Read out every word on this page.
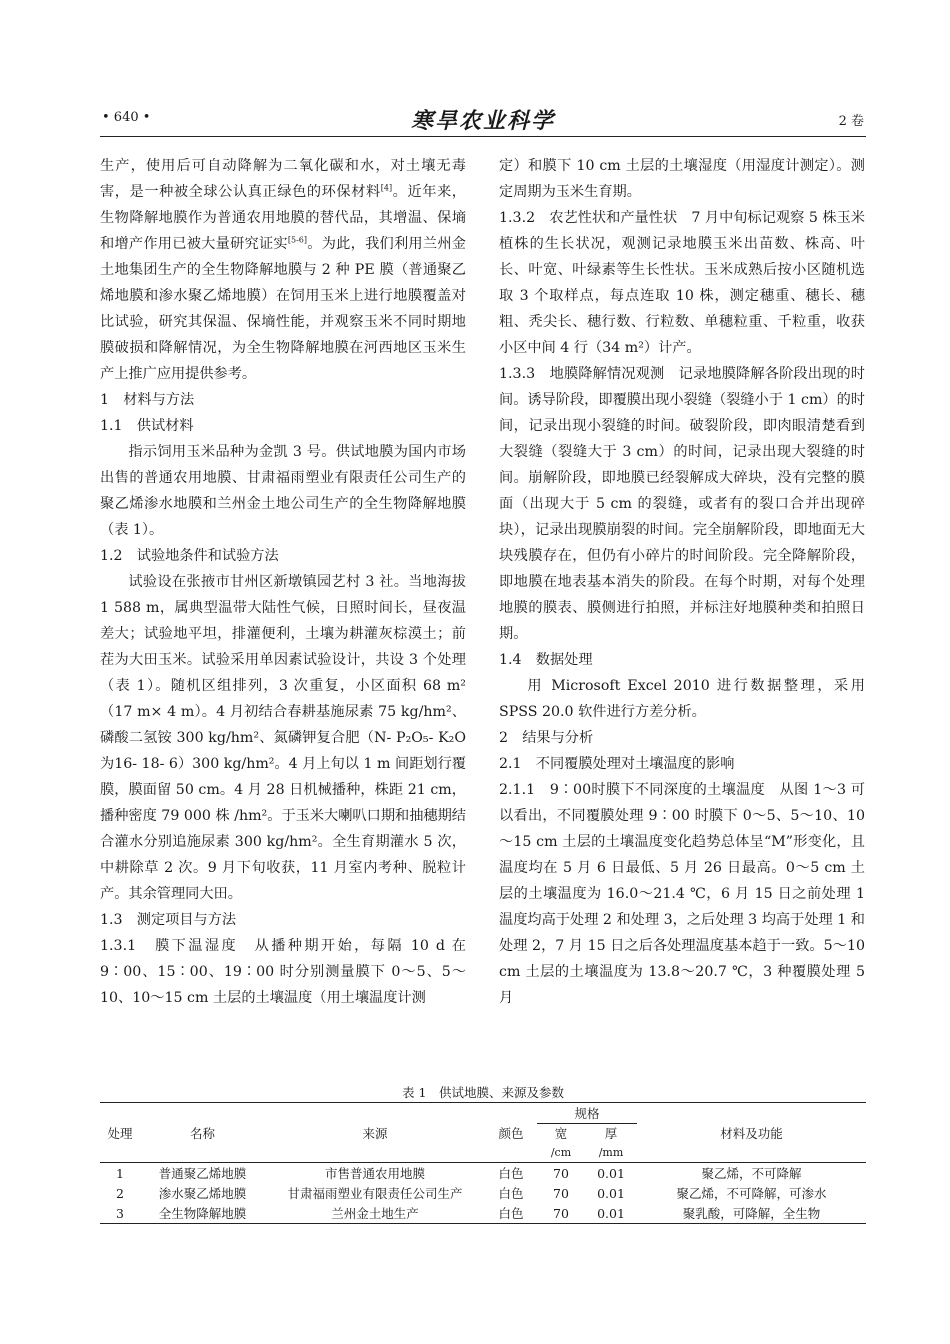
• 640 •	寒旱农业科学	2 卷

生产，使用后可自动降解为二氧化碳和水，对土壤无毒害，是一种被全球公认真正绿色的环保材料[4]。近年来，生物降解地膜作为普通农用地膜的替代品，其增温、保墒和增产作用已被大量研究证实[5-6]。为此，我们利用兰州金土地集团生产的全生物降解地膜与 2 种 PE 膜（普通聚乙烯地膜和渗水聚乙烯地膜）在饲用玉米上进行地膜覆盖对比试验，研究其保温、保墒性能，并观察玉米不同时期地膜破损和降解情况，为全生物降解地膜在河西地区玉米生产上推广应用提供参考。

1　材料与方法
1.1　供试材料

指示饲用玉米品种为金凯 3 号。供试地膜为国内市场出售的普通农用地膜、甘肃福雨塑业有限责任公司生产的聚乙烯渗水地膜和兰州金土地公司生产的全生物降解地膜（表 1）。

1.2　试验地条件和试验方法

试验设在张掖市甘州区新墩镇园艺村 3 社。当地海拔 1 588 m，属典型温带大陆性气候，日照时间长，昼夜温差大；试验地平坦，排灌便利，土壤为耕灌灰棕漠土；前茬为大田玉米。试验采用单因素试验设计，共设 3 个处理（表 1）。随机区组排列，3 次重复，小区面积 68 m²（17 m× 4 m）。4 月初结合春耕基施尿素 75 kg/hm²、磷酸二氢铵 300 kg/hm²、氮磷钾复合肥（N- P₂O₅- K₂O 为16- 18- 6）300 kg/hm²。4 月上旬以 1 m 间距划行覆膜，膜面留 50 cm。4 月 28 日机械播种，株距 21 cm，播种密度 79 000 株 /hm²。于玉米大喇叭口期和抽穗期结合灌水分别追施尿素 300 kg/hm²。全生育期灌水 5 次，中耕除草 2 次。9 月下旬收获，11 月室内考种、脱粒计产。其余管理同大田。

1.3　测定项目与方法

1.3.1　膜下温湿度　从播种期开始，每隔 10 d 在 9∶00、15∶00、19∶00 时分别测量膜下 0～5、5～10、10～15 cm 土层的土壤温度（用土壤温度计测

定）和膜下 10 cm 土层的土壤湿度（用湿度计测定）。测定周期为玉米生育期。

1.3.2　农艺性状和产量性状　7 月中旬标记观察 5 株玉米植株的生长状况，观测记录地膜玉米出苗数、株高、叶长、叶宽、叶绿素等生长性状。玉米成熟后按小区随机选取 3 个取样点，每点连取 10 株，测定穗重、穗长、穗粗、秃尖长、穗行数、行粒数、单穗粒重、千粒重，收获小区中间 4 行（34 m²）计产。

1.3.3　地膜降解情况观测　记录地膜降解各阶段出现的时间。诱导阶段，即覆膜出现小裂缝（裂缝小于 1 cm）的时间，记录出现小裂缝的时间。破裂阶段，即肉眼清楚看到大裂缝（裂缝大于 3 cm）的时间，记录出现大裂缝的时间。崩解阶段，即地膜已经裂解成大碎块，没有完整的膜面（出现大于 5 cm 的裂缝，或者有的裂口合并出现碎块），记录出现膜崩裂的时间。完全崩解阶段，即地面无大块残膜存在，但仍有小碎片的时间阶段。完全降解阶段，即地膜在地表基本消失的阶段。在每个时期，对每个处理地膜的膜表、膜侧进行拍照，并标注好地膜种类和拍照日期。

1.4　数据处理

用 Microsoft Excel 2010 进行数据整理，采用 SPSS 20.0 软件进行方差分析。

2　结果与分析
2.1　不同覆膜处理对土壤温度的影响

2.1.1　9∶00时膜下不同深度的土壤温度　从图 1～3 可以看出，不同覆膜处理 9∶00 时膜下 0～5、5～10、10～15 cm 土层的土壤温度变化趋势总体呈“M”形变化，且温度均在 5 月 6 日最低、5 月 26 日最高。0～5 cm 土层的土壤温度为 16.0～21.4 ℃，6 月 15 日之前处理 1 温度均高于处理 2 和处理 3，之后处理 3 均高于处理 1 和处理 2，7 月 15 日之后各处理温度基本趋于一致。5～10 cm 土层的土壤温度为 13.8～20.7 ℃，3 种覆膜处理 5 月

表 1　供试地膜、来源及参数
处理	名称	来源	颜色	规格		材料及功能
				宽	厚	
				/cm	/mm	
1	普通聚乙烯地膜	市售普通农用地膜	白色	70	0.01	聚乙烯，不可降解
2	渗水聚乙烯地膜	甘肃福雨塑业有限责任公司生产	白色	70	0.01	聚乙烯，不可降解，可渗水
3	全生物降解地膜	兰州金土地生产	白色	70	0.01	聚乳酸，可降解，全生物
